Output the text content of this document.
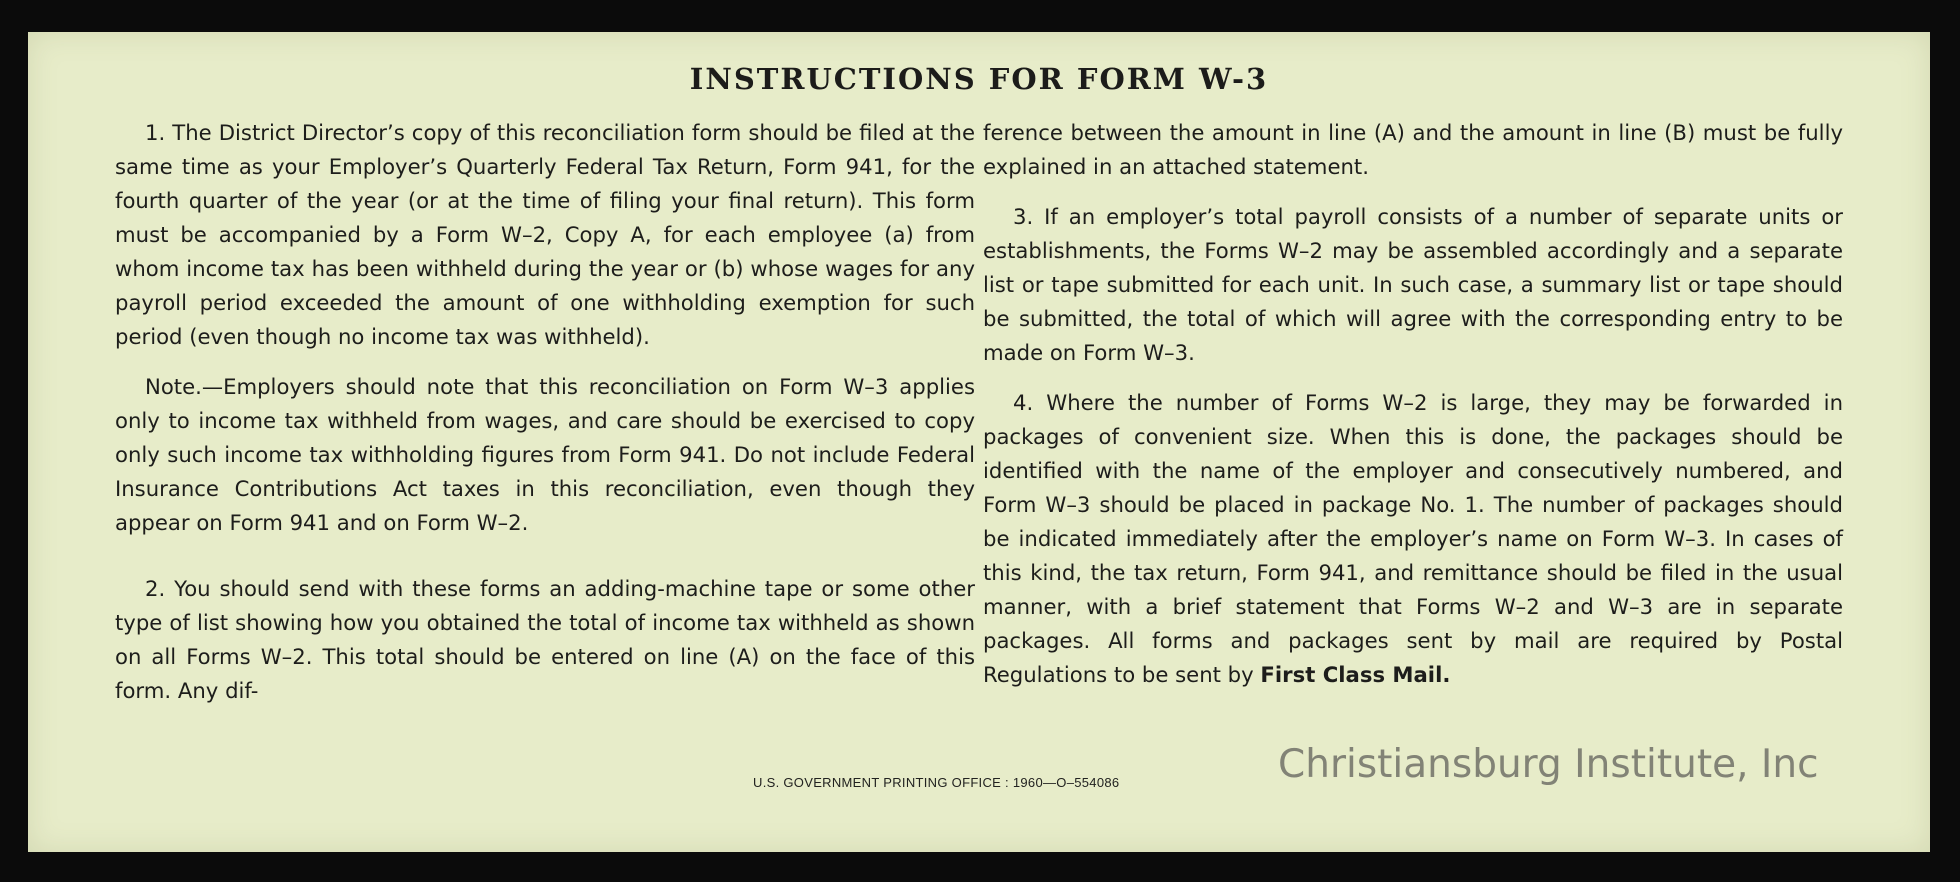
INSTRUCTIONS FOR FORM W-3

1. The District Director’s copy of this reconciliation form should be filed at the same time as your Employer’s Quarterly Federal Tax Return, Form 941, for the fourth quarter of the year (or at the time of filing your final return). This form must be accompanied by a Form W–2, Copy A, for each employee (a) from whom income tax has been withheld during the year or (b) whose wages for any payroll period exceeded the amount of one withholding exemption for such period (even though no income tax was withheld).

Note.—Employers should note that this reconciliation on Form W–3 applies only to income tax withheld from wages, and care should be exercised to copy only such income tax withholding figures from Form 941. Do not include Federal Insurance Contributions Act taxes in this reconciliation, even though they appear on Form 941 and on Form W–2.

2. You should send with these forms an adding-machine tape or some other type of list showing how you obtained the total of income tax withheld as shown on all Forms W–2. This total should be entered on line (A) on the face of this form. Any dif-

ference between the amount in line (A) and the amount in line (B) must be fully explained in an attached statement.

3. If an employer’s total payroll consists of a number of separate units or establishments, the Forms W–2 may be assembled accordingly and a separate list or tape submitted for each unit. In such case, a summary list or tape should be submitted, the total of which will agree with the corresponding entry to be made on Form W–3.

4. Where the number of Forms W–2 is large, they may be forwarded in packages of convenient size. When this is done, the packages should be identified with the name of the employer and consecutively numbered, and Form W–3 should be placed in package No. 1. The number of packages should be indicated immediately after the employer’s name on Form W–3. In cases of this kind, the tax return, Form 941, and remittance should be filed in the usual manner, with a brief statement that Forms W–2 and W–3 are in separate packages. All forms and packages sent by mail are required by Postal Regulations to be sent by First Class Mail.

U.S. GOVERNMENT PRINTING OFFICE : 1960—O–554086	Christiansburg Institute, Inc
